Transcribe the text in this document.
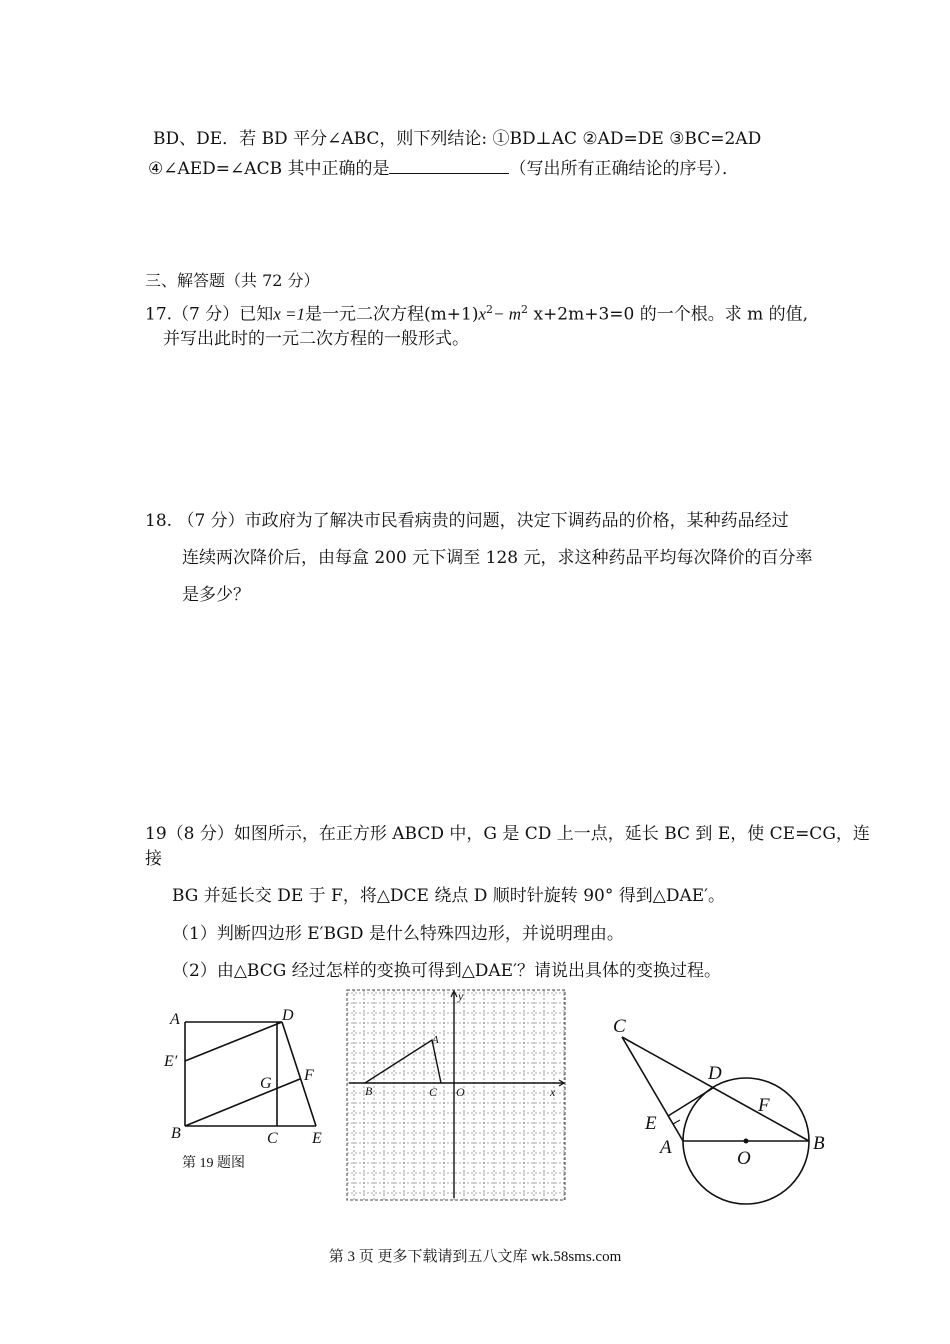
BD、DE．若 BD 平分∠ABC，则下列结论: ①BD⊥AC ②AD=DE ③BC=2AD
④∠AED=∠ACB 其中正确的是	（写出所有正确结论的序号）．
三、解答题（共 72 分）
17.（7 分）已知x =1是一元二次方程$(m+1)x^2- m^2$ x+2m+3=0 的一个根。求 m 的值,
并写出此时的一元二次方程的一般形式。
18. （7 分）市政府为了解决市民看病贵的问题，决定下调药品的价格，某种药品经过
连续两次降价后，由每盒 200 元下调至 128 元，求这种药品平均每次降价的百分率
是多少？
19（8 分）如图所示，在正方形 ABCD 中，G 是 CD 上一点，延长 BC 到 E，使 CE=CG，连
接
BG 并延长交 DE 于 F，将△DCE 绕点 D 顺时针旋转 90° 得到△DAE′。
（1）判断四边形 E′BGD 是什么特殊四边形，并说明理由。
（2）由△BCG 经过怎样的变换可得到△DAE′？请说出具体的变换过程。
A	D
E′
G F
B	C E
第 19 题图
y
x
A
B	C O
C
D
F
E
A
O
B
第 3 页 更多下载请到五八文库 wk.58sms.com
